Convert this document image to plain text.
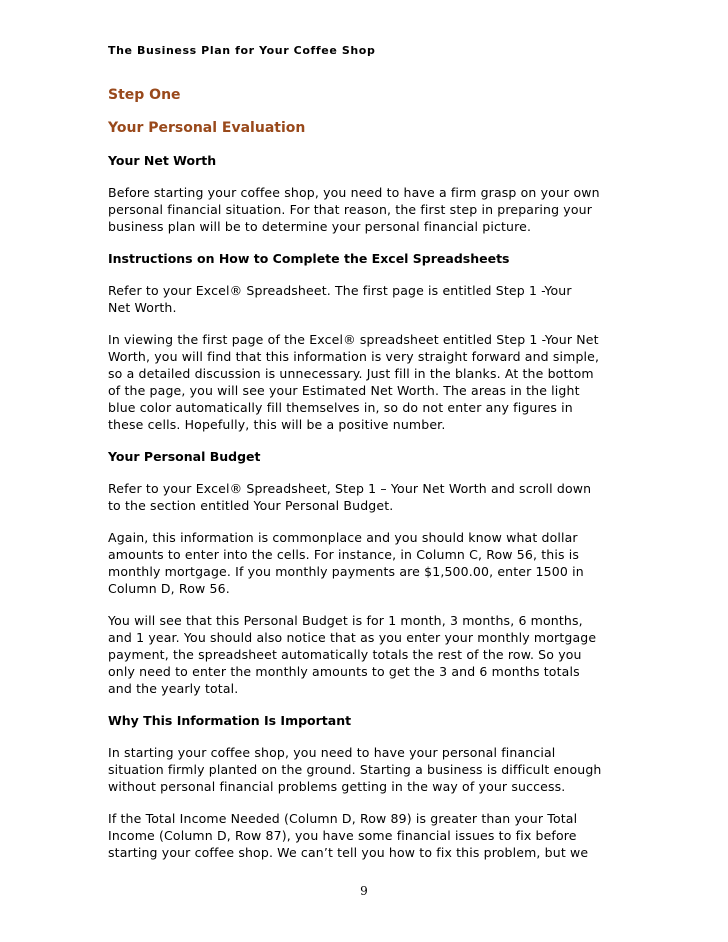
The Business Plan for Your Coffee Shop
Step One
Your Personal Evaluation
Your Net Worth

Before starting your coffee shop, you need to have a firm grasp on your own
personal financial situation. For that reason, the first step in preparing your
business plan will be to determine your personal financial picture.

Instructions on How to Complete the Excel Spreadsheets

Refer to your Excel® Spreadsheet. The first page is entitled Step 1 -Your
Net Worth.

In viewing the first page of the Excel® spreadsheet entitled Step 1 -Your Net
Worth, you will find that this information is very straight forward and simple,
so a detailed discussion is unnecessary. Just fill in the blanks. At the bottom
of the page, you will see your Estimated Net Worth. The areas in the light
blue color automatically fill themselves in, so do not enter any figures in
these cells. Hopefully, this will be a positive number.

Your Personal Budget

Refer to your Excel® Spreadsheet, Step 1 – Your Net Worth and scroll down
to the section entitled Your Personal Budget.

Again, this information is commonplace and you should know what dollar
amounts to enter into the cells. For instance, in Column C, Row 56, this is
monthly mortgage. If you monthly payments are $1,500.00, enter 1500 in
Column D, Row 56.

You will see that this Personal Budget is for 1 month, 3 months, 6 months,
and 1 year. You should also notice that as you enter your monthly mortgage
payment, the spreadsheet automatically totals the rest of the row. So you
only need to enter the monthly amounts to get the 3 and 6 months totals
and the yearly total.

Why This Information Is Important

In starting your coffee shop, you need to have your personal financial
situation firmly planted on the ground. Starting a business is difficult enough
without personal financial problems getting in the way of your success.

If the Total Income Needed (Column D, Row 89) is greater than your Total
Income (Column D, Row 87), you have some financial issues to fix before
starting your coffee shop. We can’t tell you how to fix this problem, but we

9
